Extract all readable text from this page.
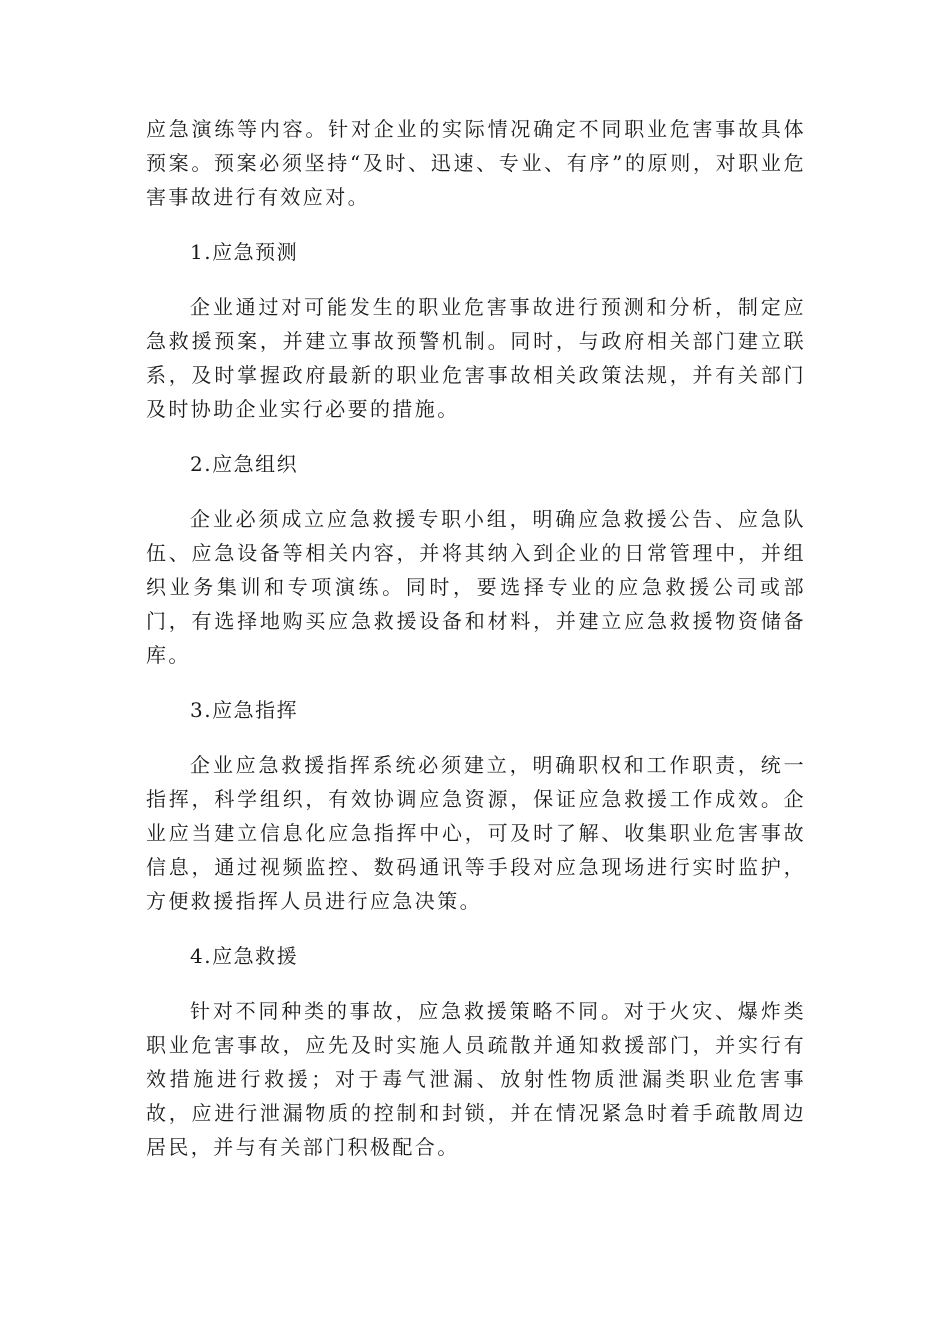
应急演练等内容。针对企业的实际情况确定不同职业危害事故具体预案。预案必须坚持“及时、迅速、专业、有序”的原则，对职业危害事故进行有效应对。

1.应急预测

企业通过对可能发生的职业危害事故进行预测和分析，制定应急救援预案，并建立事故预警机制。同时，与政府相关部门建立联系，及时掌握政府最新的职业危害事故相关政策法规，并有关部门及时协助企业实行必要的措施。

2.应急组织

企业必须成立应急救援专职小组，明确应急救援公告、应急队伍、应急设备等相关内容，并将其纳入到企业的日常管理中，并组织业务集训和专项演练。同时，要选择专业的应急救援公司或部门，有选择地购买应急救援设备和材料，并建立应急救援物资储备库。

3.应急指挥

企业应急救援指挥系统必须建立，明确职权和工作职责，统一指挥，科学组织，有效协调应急资源，保证应急救援工作成效。企业应当建立信息化应急指挥中心，可及时了解、收集职业危害事故信息，通过视频监控、数码通讯等手段对应急现场进行实时监护，方便救援指挥人员进行应急决策。

4.应急救援

针对不同种类的事故，应急救援策略不同。对于火灾、爆炸类职业危害事故，应先及时实施人员疏散并通知救援部门，并实行有效措施进行救援；对于毒气泄漏、放射性物质泄漏类职业危害事故，应进行泄漏物质的控制和封锁，并在情况紧急时着手疏散周边居民，并与有关部门积极配合。
